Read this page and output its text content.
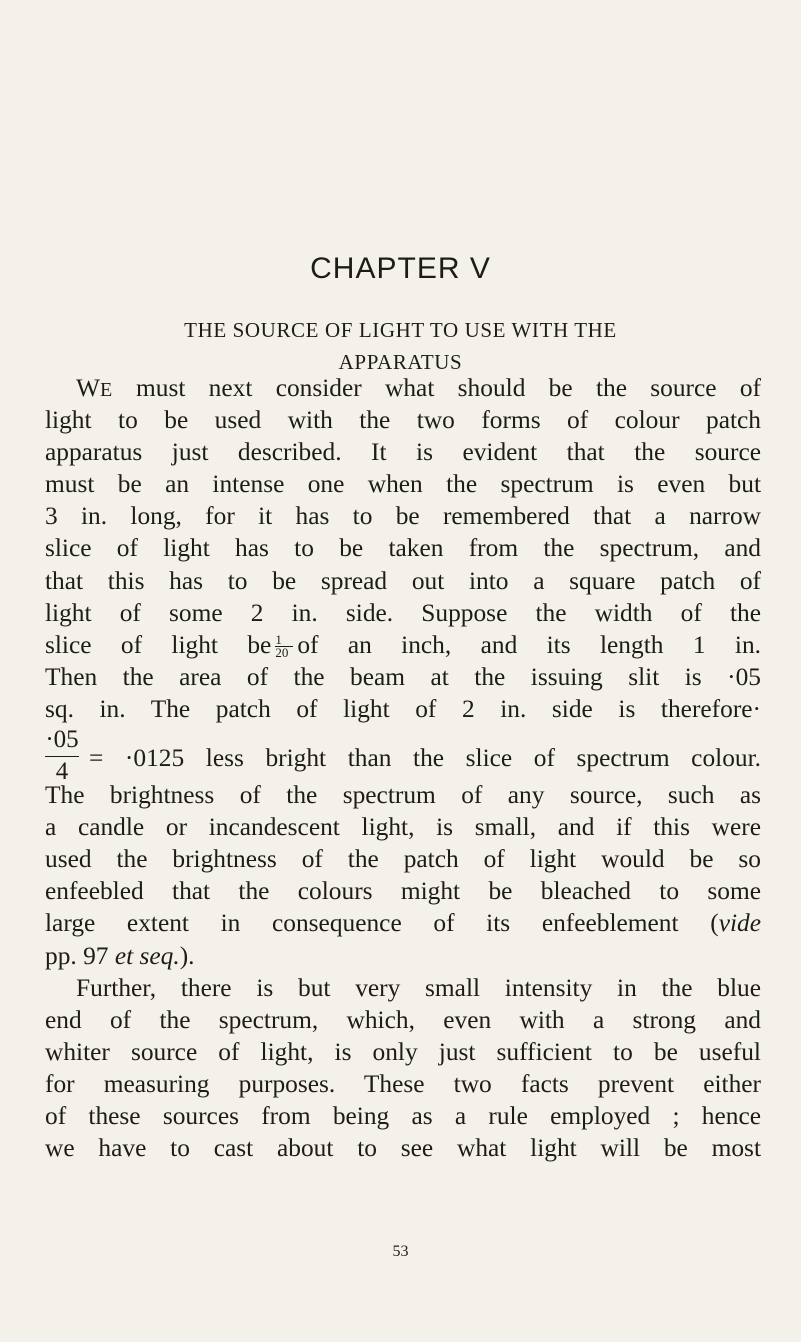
CHAPTER V
THE SOURCE OF LIGHT TO USE WITH THE
APPARATUS
WE must next consider what should be the source of
light to be used with the two forms of colour patch
apparatus just described. It is evident that the source
must be an intense one when the spectrum is even but
3 in. long, for it has to be remembered that a narrow
slice of light has to be taken from the spectrum, and
that this has to be spread out into a square patch of
light of some 2 in. side. Suppose the width of the
slice of light be $\frac{1}{20}$ of an inch, and its length 1 in.
Then the area of the beam at the issuing slit is ·05
sq. in. The patch of light of 2 in. side is therefore·
$\frac{\cdot 05}{4} = \cdot 0125$ less bright than the slice of spectrum colour.
The brightness of the spectrum of any source, such as
a candle or incandescent light, is small, and if this were
used the brightness of the patch of light would be so
enfeebled that the colours might be bleached to some
large extent in consequence of its enfeeblement (vide
pp. 97 et seq.).
Further, there is but very small intensity in the blue
end of the spectrum, which, even with a strong and
whiter source of light, is only just sufficient to be useful
for measuring purposes. These two facts prevent either
of these sources from being as a rule employed ; hence
we have to cast about to see what light will be most
53
